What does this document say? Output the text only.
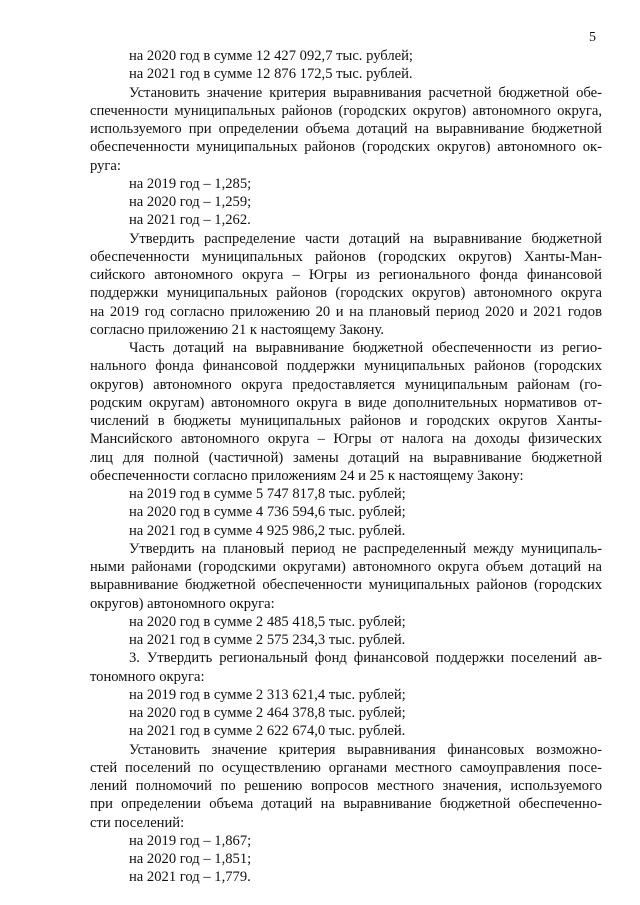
5
на 2020 год в сумме 12 427 092,7 тыс. рублей;
на 2021 год в сумме 12 876 172,5 тыс. рублей.
Установить значение критерия выравнивания расчетной бюджетной обе-
спеченности муниципальных районов (городских округов) автономного округа,
используемого при определении объема дотаций на выравнивание бюджетной
обеспеченности муниципальных районов (городских округов) автономного ок-
руга:
на 2019 год – 1,285;
на 2020 год – 1,259;
на 2021 год – 1,262.
Утвердить распределение части дотаций на выравнивание бюджетной
обеспеченности муниципальных районов (городских округов) Ханты-Ман-
сийского автономного округа – Югры из регионального фонда финансовой
поддержки муниципальных районов (городских округов) автономного округа
на 2019 год согласно приложению 20 и на плановый период 2020 и 2021 годов
согласно приложению 21 к настоящему Закону.
Часть дотаций на выравнивание бюджетной обеспеченности из регио-
нального фонда финансовой поддержки муниципальных районов (городских
округов) автономного округа предоставляется муниципальным районам (го-
родским округам) автономного округа в виде дополнительных нормативов от-
числений в бюджеты муниципальных районов и городских округов Ханты-
Мансийского автономного округа – Югры от налога на доходы физических
лиц для полной (частичной) замены дотаций на выравнивание бюджетной
обеспеченности согласно приложениям 24 и 25 к настоящему Закону:
на 2019 год в сумме 5 747 817,8 тыс. рублей;
на 2020 год в сумме 4 736 594,6 тыс. рублей;
на 2021 год в сумме 4 925 986,2 тыс. рублей.
Утвердить на плановый период не распределенный между муниципаль-
ными районами (городскими округами) автономного округа объем дотаций на
выравнивание бюджетной обеспеченности муниципальных районов (городских
округов) автономного округа:
на 2020 год в сумме 2 485 418,5 тыс. рублей;
на 2021 год в сумме 2 575 234,3 тыс. рублей.
3. Утвердить региональный фонд финансовой поддержки поселений ав-
тономного округа:
на 2019 год в сумме 2 313 621,4 тыс. рублей;
на 2020 год в сумме 2 464 378,8 тыс. рублей;
на 2021 год в сумме 2 622 674,0 тыс. рублей.
Установить значение критерия выравнивания финансовых возможно-
стей поселений по осуществлению органами местного самоуправления посе-
лений полномочий по решению вопросов местного значения, используемого
при определении объема дотаций на выравнивание бюджетной обеспеченно-
сти поселений:
на 2019 год – 1,867;
на 2020 год – 1,851;
на 2021 год – 1,779.
